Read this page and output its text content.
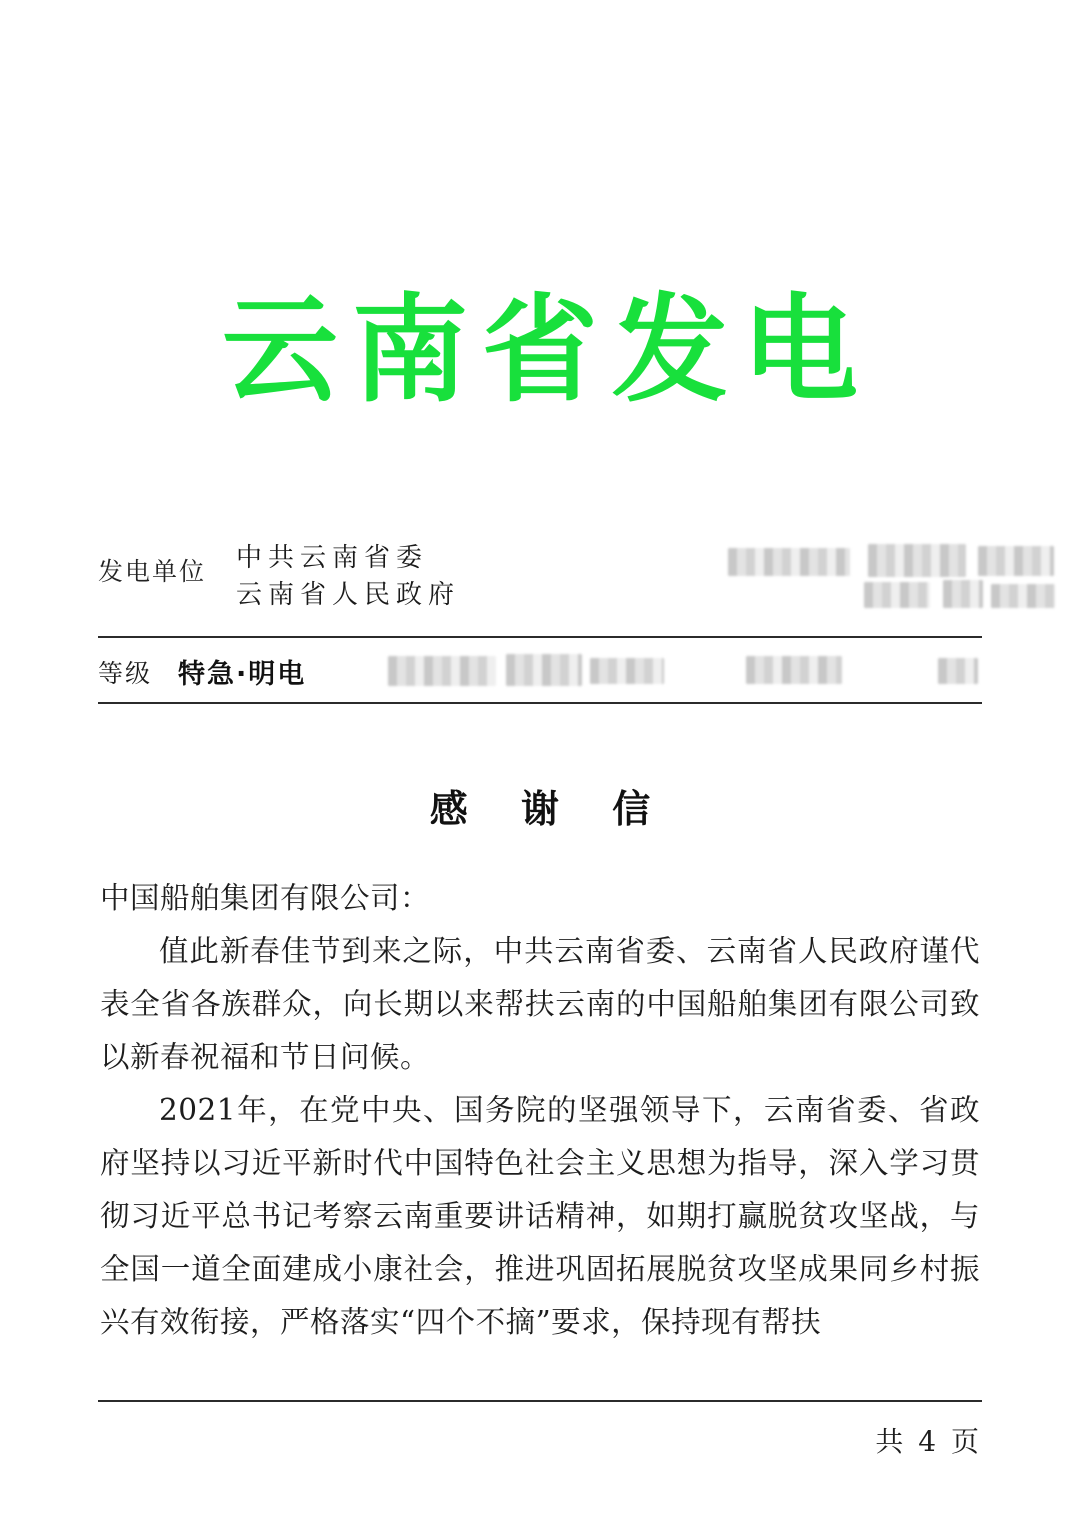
云南省发电
发电单位 中共云南省委
云南省人民政府
等级 特急·明电
感 谢 信

中国船舶集团有限公司：

值此新春佳节到来之际，中共云南省委、云南省人民政府谨代表全省各族群众，向长期以来帮扶云南的中国船舶集团有限公司致以新春祝福和节日问候。

2021年，在党中央、国务院的坚强领导下，云南省委、省政府坚持以习近平新时代中国特色社会主义思想为指导，深入学习贯彻习近平总书记考察云南重要讲话精神，如期打赢脱贫攻坚战，与全国一道全面建成小康社会，推进巩固拓展脱贫攻坚成果同乡村振兴有效衔接，严格落实“四个不摘”要求，保持现有帮扶

共 4 页
